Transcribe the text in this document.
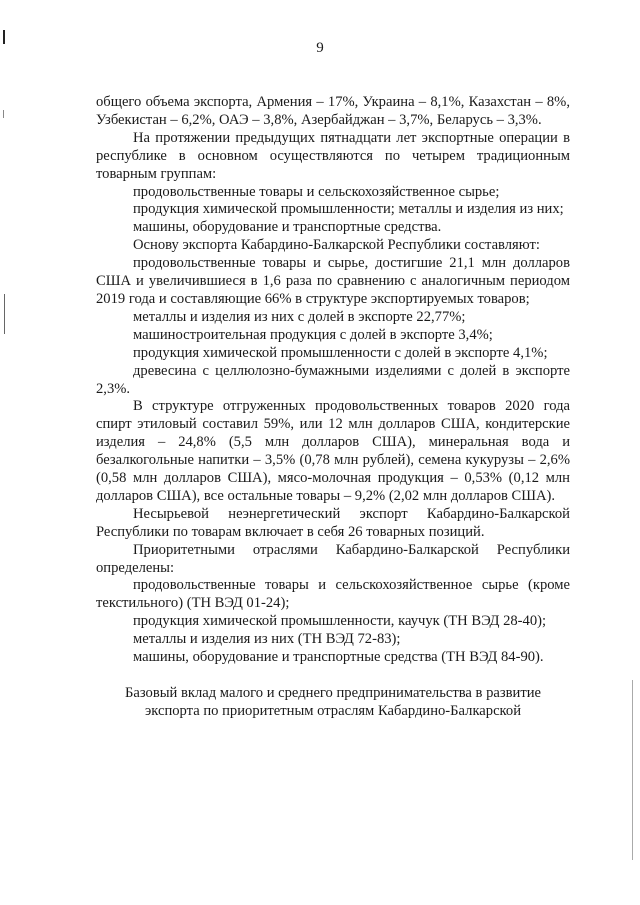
9

общего объема экспорта, Армения – 17%, Украина – 8,1%, Казахстан – 8%, Узбекистан – 6,2%, ОАЭ – 3,8%, Азербайджан – 3,7%, Беларусь – 3,3%.

На протяжении предыдущих пятнадцати лет экспортные операции в республике в основном осуществляются по четырем традиционным товарным группам:

продовольственные товары и сельскохозяйственное сырье;

продукция химической промышленности; металлы и изделия из них;

машины, оборудование и транспортные средства.

Основу экспорта Кабардино-Балкарской Республики составляют:

продовольственные товары и сырье, достигшие 21,1 млн долларов США и увеличившиеся в 1,6 раза по сравнению с аналогичным периодом 2019 года и составляющие 66% в структуре экспортируемых товаров;

металлы и изделия из них с долей в экспорте 22,77%;

машиностроительная продукция с долей в экспорте 3,4%;

продукция химической промышленности с долей в экспорте 4,1%;

древесина с целлюлозно-бумажными изделиями с долей в экспорте 2,3%.

В структуре отгруженных продовольственных товаров 2020 года спирт этиловый составил 59%, или 12 млн долларов США, кондитерские изделия – 24,8% (5,5 млн долларов США), минеральная вода и безалкогольные напитки – 3,5% (0,78 млн рублей), семена кукурузы – 2,6% (0,58 млн долларов США), мясо-молочная продукция – 0,53% (0,12 млн долларов США), все остальные товары – 9,2% (2,02 млн долларов США).

Несырьевой неэнергетический экспорт Кабардино-Балкарской Республики по товарам включает в себя 26 товарных позиций.

Приоритетными отраслями Кабардино-Балкарской Республики определены:

продовольственные товары и сельскохозяйственное сырье (кроме текстильного) (ТН ВЭД 01-24);

продукция химической промышленности, каучук (ТН ВЭД 28-40);

металлы и изделия из них (ТН ВЭД 72-83);

машины, оборудование и транспортные средства (ТН ВЭД 84-90).

Базовый вклад малого и среднего предпринимательства в развитие экспорта по приоритетным отраслям Кабардино-Балкарской
